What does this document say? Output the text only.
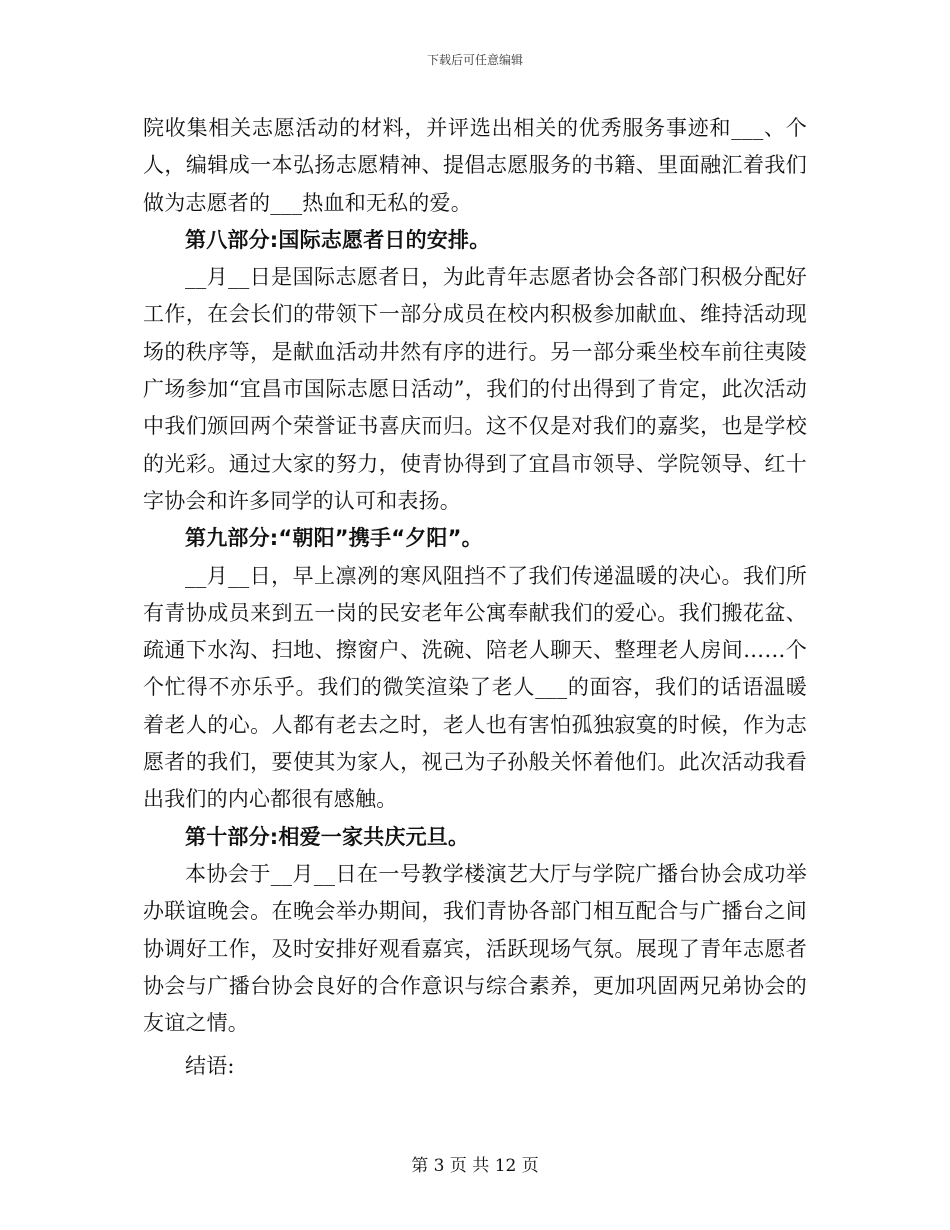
下载后可任意编辑

院收集相关志愿活动的材料，并评选出相关的优秀服务事迹和___、个人，编辑成一本弘扬志愿精神、提倡志愿服务的书籍、里面融汇着我们做为志愿者的___热血和无私的爱。

第八部分:国际志愿者日的安排。

__月__日是国际志愿者日，为此青年志愿者协会各部门积极分配好工作，在会长们的带领下一部分成员在校内积极参加献血、维持活动现场的秩序等，是献血活动井然有序的进行。另一部分乘坐校车前往夷陵广场参加“宜昌市国际志愿日活动”，我们的付出得到了肯定，此次活动中我们颁回两个荣誉证书喜庆而归。这不仅是对我们的嘉奖，也是学校的光彩。通过大家的努力，使青协得到了宜昌市领导、学院领导、红十字协会和许多同学的认可和表扬。

第九部分:“朝阳”携手“夕阳”。

__月__日，早上凛冽的寒风阻挡不了我们传递温暖的决心。我们所有青协成员来到五一岗的民安老年公寓奉献我们的爱心。我们搬花盆、疏通下水沟、扫地、擦窗户、洗碗、陪老人聊天、整理老人房间……个个忙得不亦乐乎。我们的微笑渲染了老人___的面容，我们的话语温暖着老人的心。人都有老去之时，老人也有害怕孤独寂寞的时候，作为志愿者的我们，要使其为家人，视己为子孙般关怀着他们。此次活动我看出我们的内心都很有感触。

第十部分:相爱一家共庆元旦。

本协会于__月__日在一号教学楼演艺大厅与学院广播台协会成功举办联谊晚会。在晚会举办期间，我们青协各部门相互配合与广播台之间协调好工作，及时安排好观看嘉宾，活跃现场气氛。展现了青年志愿者协会与广播台协会良好的合作意识与综合素养，更加巩固两兄弟协会的友谊之情。

结语:

第 3 页 共 12 页
